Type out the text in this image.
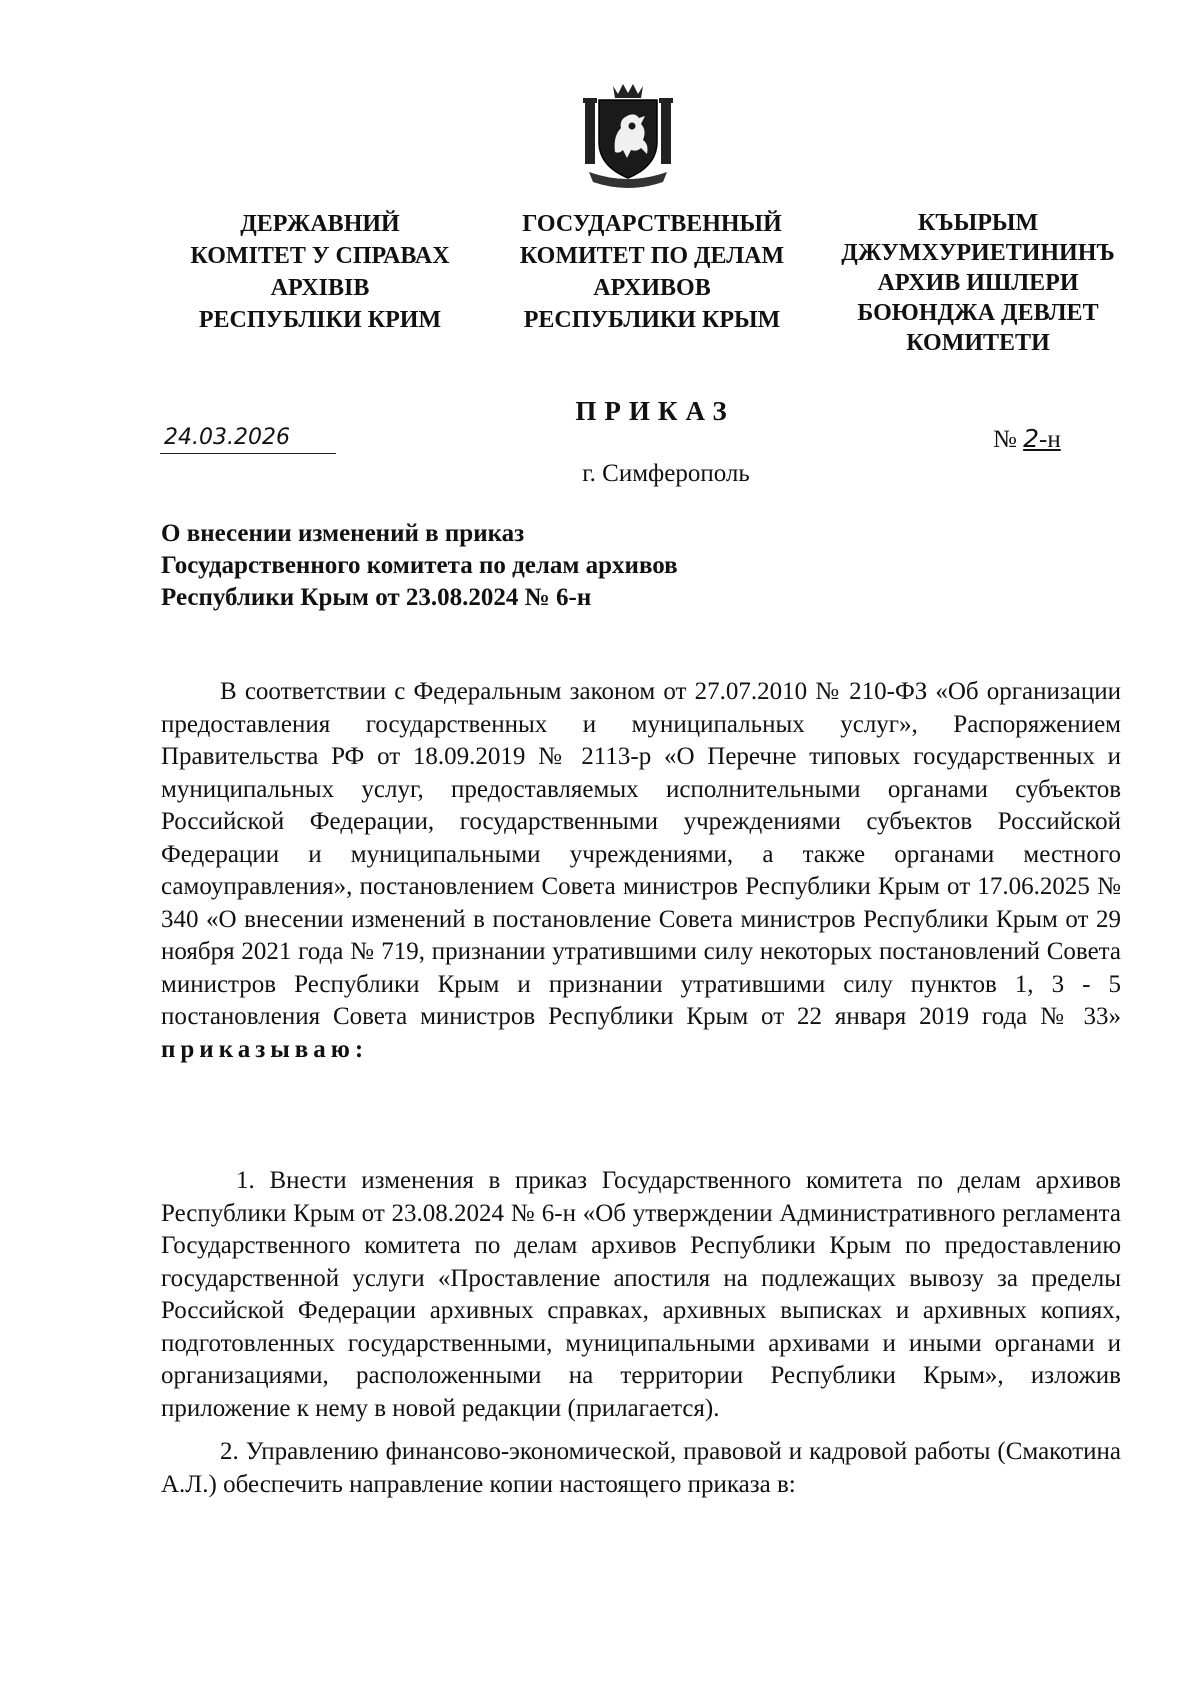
ДЕРЖАВНИЙ
КОМІТЕТ У СПРАВАХ
АРХІВІВ
РЕСПУБЛІКИ КРИМ
ГОСУДАРСТВЕННЫЙ
КОМИТЕТ ПО ДЕЛАМ
АРХИВОВ
РЕСПУБЛИКИ КРЫМ
КЪЫРЫМ
ДЖУМХУРИЕТИНИНЪ
АРХИВ ИШЛЕРИ
БОЮНДЖА ДЕВЛЕТ
КОМИТЕТИ
ПРИКАЗ
24.03.2026	№ 2-н
г. Симферополь
О внесении изменений в приказ
Государственного комитета по делам архивов
Республики Крым от 23.08.2024 № 6-н
В соответствии с Федеральным законом от 27.07.2010 № 210-ФЗ «Об организации предоставления государственных и муниципальных услуг», Распоряжением Правительства РФ от 18.09.2019 № 2113-р «О Перечне типовых государственных и муниципальных услуг, предоставляемых исполнительными органами субъектов Российской Федерации, государственными учреждениями субъектов Российской Федерации и муниципальными учреждениями, а также органами местного самоуправления», постановлением Совета министров Республики Крым от 17.06.2025 № 340 «О внесении изменений в постановление Совета министров Республики Крым от 29 ноября 2021 года № 719, признании утратившими силу некоторых постановлений Совета министров Республики Крым и признании утратившими силу пунктов 1, 3 - 5 постановления Совета министров Республики Крым от 22 января 2019 года № 33» приказываю:
1. Внести изменения в приказ Государственного комитета по делам архивов Республики Крым от 23.08.2024 № 6-н «Об утверждении Административного регламента Государственного комитета по делам архивов Республики Крым по предоставлению государственной услуги «Проставление апостиля на подлежащих вывозу за пределы Российской Федерации архивных справках, архивных выписках и архивных копиях, подготовленных государственными, муниципальными архивами и иными органами и организациями, расположенными на территории Республики Крым», изложив приложение к нему в новой редакции (прилагается).
2. Управлению финансово-экономической, правовой и кадровой работы (Смакотина А.Л.) обеспечить направление копии настоящего приказа в:
